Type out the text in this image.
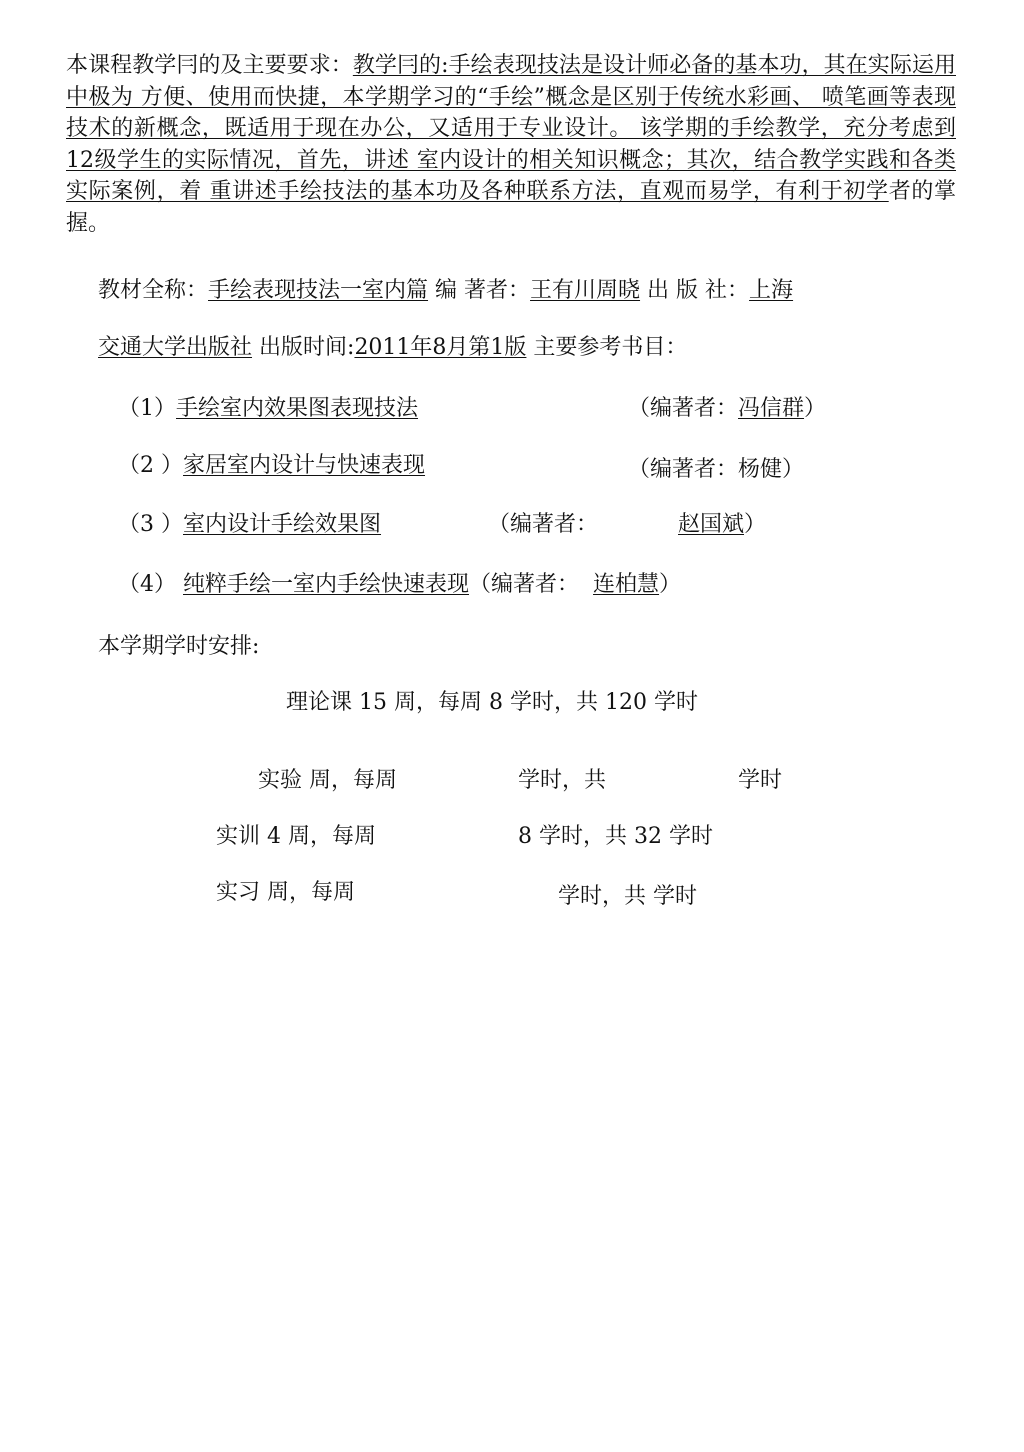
本课程教学冃的及主要要求：教学冃的:手绘表现技法是设计师必备的基本功，其在实际运用中极为 方便、使用而快捷，本学期学习的“手绘”概念是区别于传统水彩画、 喷笔画等表现技术的新概念，既适用于现在办公，又适用于专业设计。 该学期的手绘教学，充分考虑到12级学生的实际情况，首先，讲述 室内设计的相关知识概念；其次，结合教学实践和各类实际案例，着 重讲述手绘技法的基本功及各种联系方法，直观而易学，有利于初学者的掌握。
教材全称：手绘表现技法一室内篇 编 著者：王有川周晓 出 版 社：上海
交通大学出版社 出版时间:2011年8月第1版 主要参考书目：
（1）手绘室内效果图表现技法	（编著者：冯信群）
（2 ）家居室内设计与快速表现	（编著者：杨健）
（3 ）室内设计手绘效果图	（编著者：	赵国斌）
（4） 纯粹手绘一室内手绘快速表现（编著者： 连柏慧）
本学期学时安排:
理论课 15 周，每周 8 学时，共 120 学时
实验 周，每周	学时，共	学时
实训 4 周，每周	8 学时，共 32 学时
实习 周，每周	学时，共 学时
